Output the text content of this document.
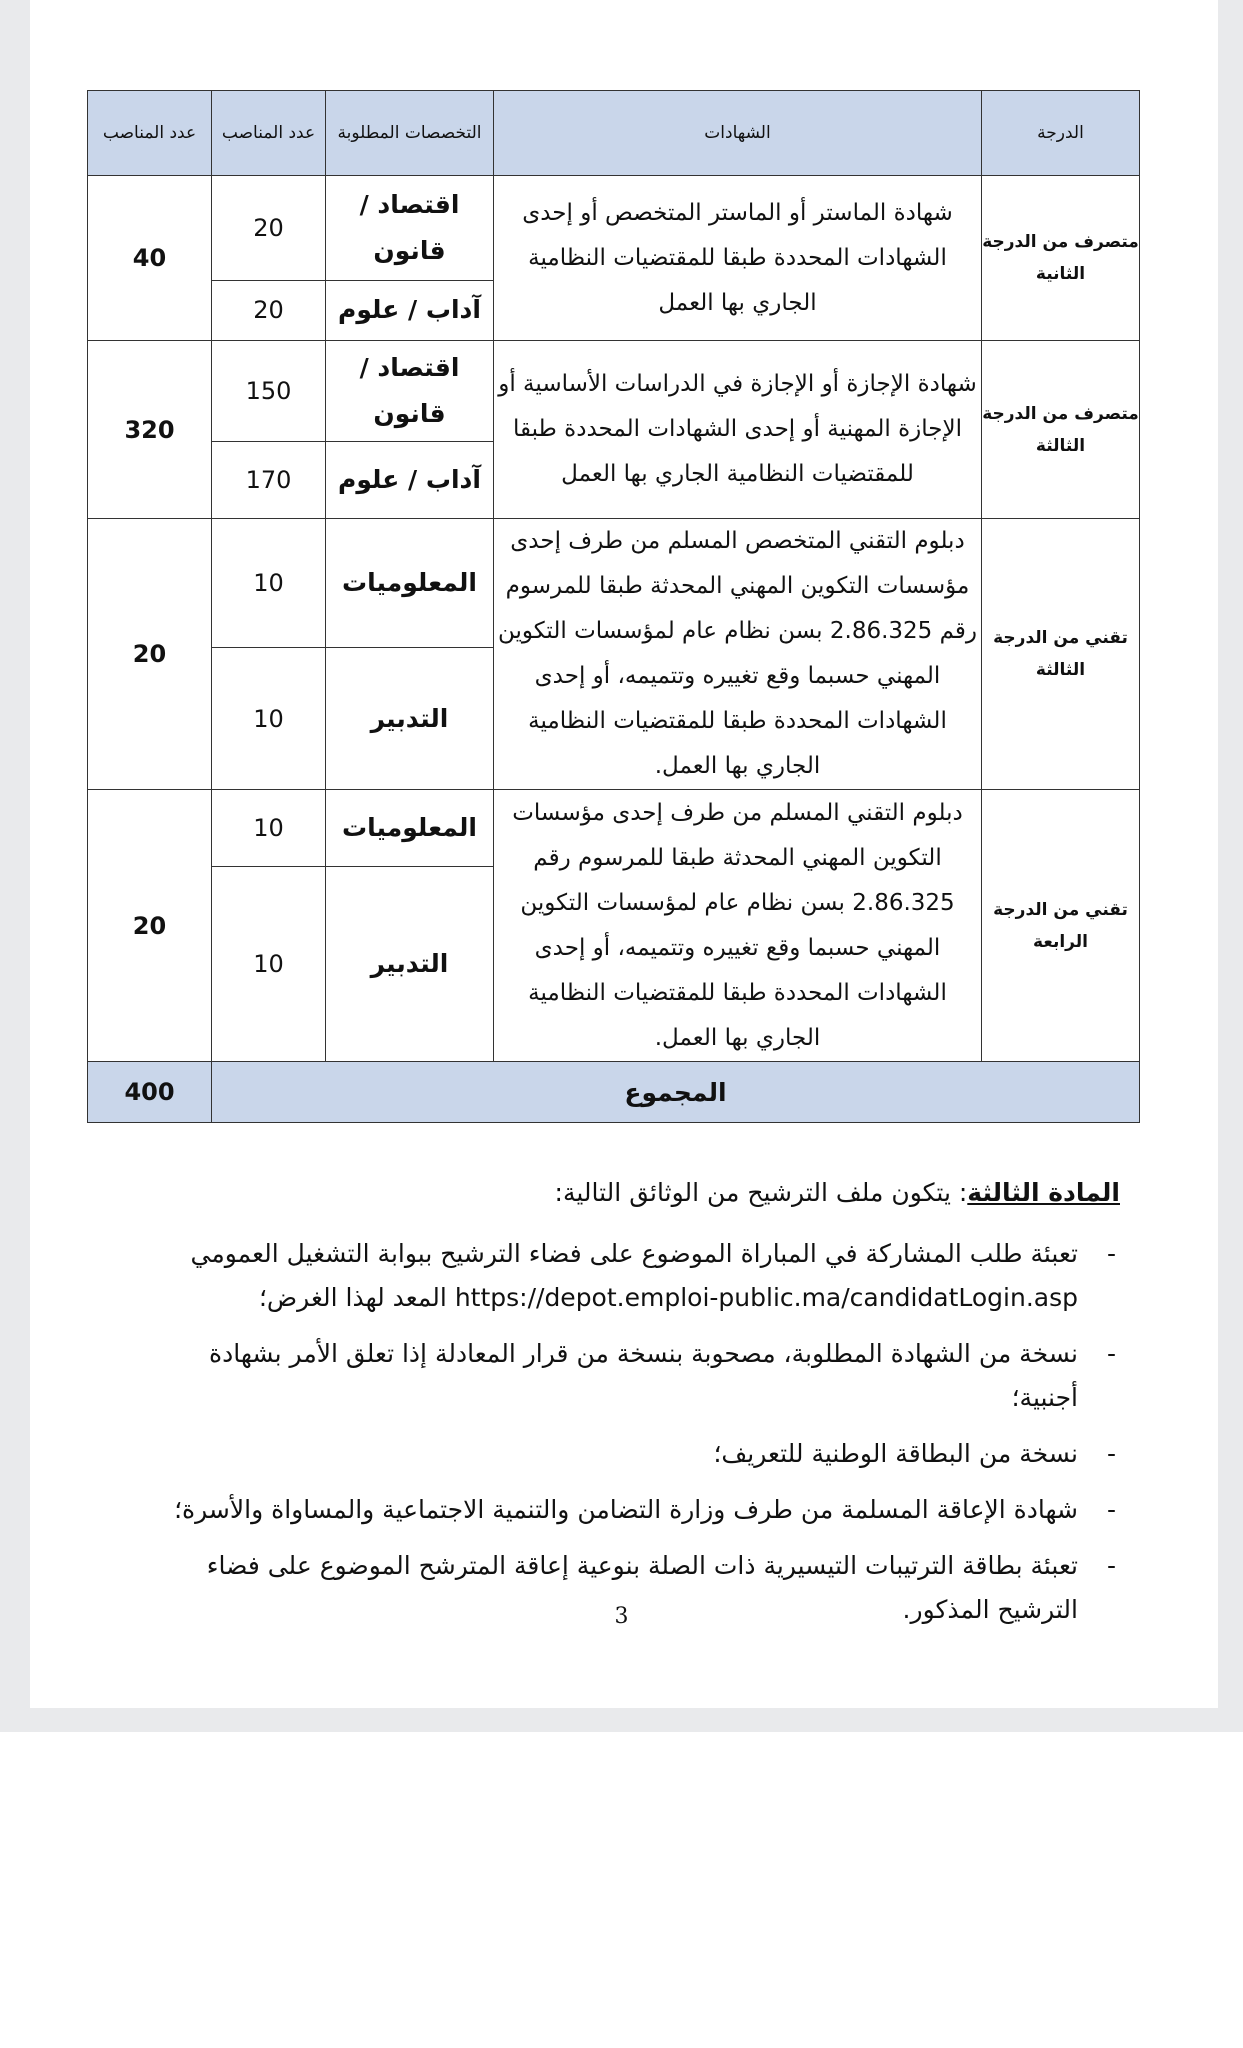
الدرجة	الشهادات	التخصصات المطلوبة	عدد المناصب	عدد المناصب
متصرف من الدرجة الثانية	شهادة الماستر أو الماستر المتخصص أو إحدى الشهادات المحددة طبقا للمقتضيات النظامية الجاري بها العمل	اقتصاد / قانون	20	40
		آداب / علوم	20	
متصرف من الدرجة الثالثة	شهادة الإجازة أو الإجازة في الدراسات الأساسية أو الإجازة المهنية أو إحدى الشهادات المحددة طبقا للمقتضيات النظامية الجاري بها العمل	اقتصاد / قانون	150	320
		آداب / علوم	170	
تقني من الدرجة الثالثة	دبلوم التقني المتخصص المسلم من طرف إحدى مؤسسات التكوين المهني المحدثة طبقا للمرسوم رقم 2.86.325 بسن نظام عام لمؤسسات التكوين المهني حسبما وقع تغييره وتتميمه، أو إحدى الشهادات المحددة طبقا للمقتضيات النظامية الجاري بها العمل.	المعلوميات	10	20
		التدبير	10	
تقني من الدرجة الرابعة	دبلوم التقني المسلم من طرف إحدى مؤسسات التكوين المهني المحدثة طبقا للمرسوم رقم 2.86.325 بسن نظام عام لمؤسسات التكوين المهني حسبما وقع تغييره وتتميمه، أو إحدى الشهادات المحددة طبقا للمقتضيات النظامية الجاري بها العمل.	المعلوميات	10	20
		التدبير	10	
المجموع				400
المادة الثالثة: يتكون ملف الترشيح من الوثائق التالية:
- تعبئة طلب المشاركة في المباراة الموضوع على فضاء الترشيح ببوابة التشغيل العمومي https://depot.emploi-public.ma/candidatLogin.asp المعد لهذا الغرض؛
- نسخة من الشهادة المطلوبة، مصحوبة بنسخة من قرار المعادلة إذا تعلق الأمر بشهادة أجنبية؛
- نسخة من البطاقة الوطنية للتعريف؛
- شهادة الإعاقة المسلمة من طرف وزارة التضامن والتنمية الاجتماعية والمساواة والأسرة؛
- تعبئة بطاقة الترتيبات التيسيرية ذات الصلة بنوعية إعاقة المترشح الموضوع على فضاء الترشيح المذكور.
3
